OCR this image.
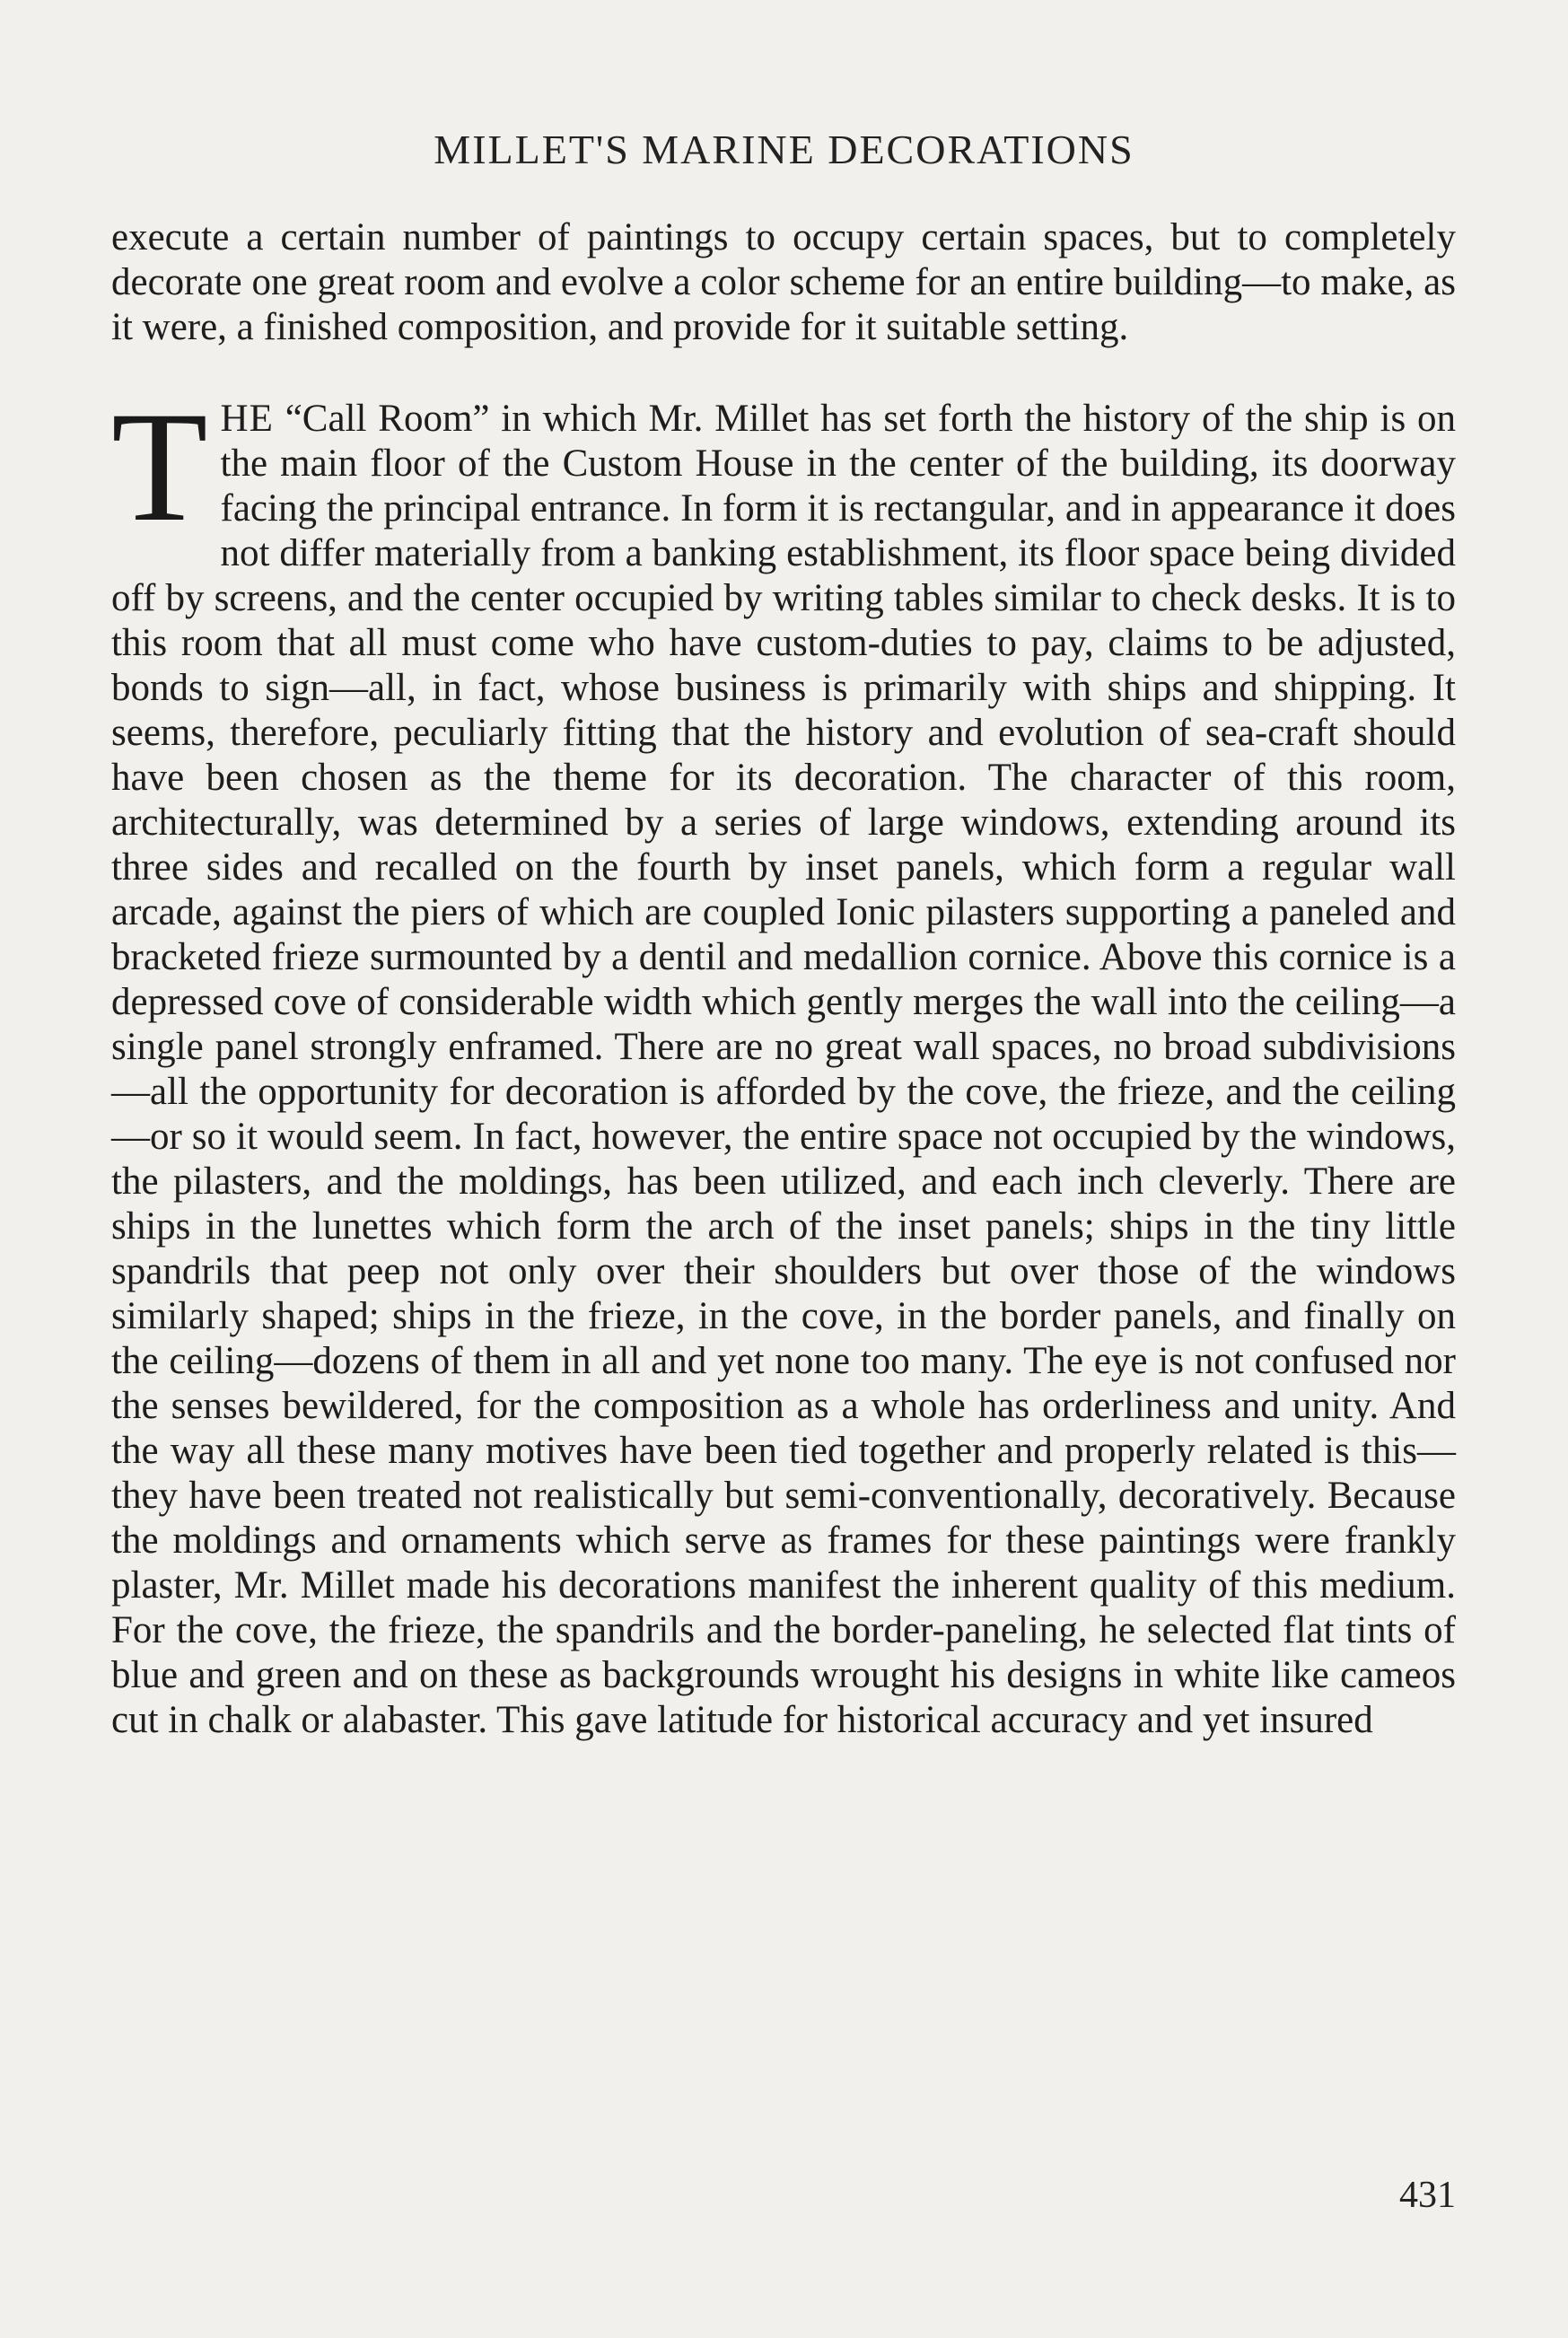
MILLET'S MARINE DECORATIONS

execute a certain number of paintings to occupy certain spaces, but to completely decorate one great room and evolve a color scheme for an entire building—to make, as it were, a finished composition, and provide for it suitable setting.

THE “Call Room” in which Mr. Millet has set forth the history of the ship is on the main floor of the Custom House in the center of the building, its doorway facing the principal entrance. In form it is rectangular, and in appearance it does not differ materially from a banking establishment, its floor space being divided off by screens, and the center occupied by writing tables similar to check desks. It is to this room that all must come who have custom-duties to pay, claims to be adjusted, bonds to sign—all, in fact, whose business is primarily with ships and shipping. It seems, therefore, peculiarly fitting that the history and evolution of sea-craft should have been chosen as the theme for its decoration. The character of this room, architecturally, was determined by a series of large windows, extending around its three sides and recalled on the fourth by inset panels, which form a regular wall arcade, against the piers of which are coupled Ionic pilasters supporting a paneled and bracketed frieze surmounted by a dentil and medallion cornice. Above this cornice is a depressed cove of considerable width which gently merges the wall into the ceiling—a single panel strongly enframed. There are no great wall spaces, no broad subdivisions—all the opportunity for decoration is afforded by the cove, the frieze, and the ceiling—or so it would seem. In fact, however, the entire space not occupied by the windows, the pilasters, and the moldings, has been utilized, and each inch cleverly. There are ships in the lunettes which form the arch of the inset panels; ships in the tiny little spandrils that peep not only over their shoulders but over those of the windows similarly shaped; ships in the frieze, in the cove, in the border panels, and finally on the ceiling—dozens of them in all and yet none too many. The eye is not confused nor the senses bewildered, for the composition as a whole has orderliness and unity. And the way all these many motives have been tied together and properly related is this—they have been treated not realistically but semi-conventionally, decoratively. Because the moldings and ornaments which serve as frames for these paintings were frankly plaster, Mr. Millet made his decorations manifest the inherent quality of this medium. For the cove, the frieze, the spandrils and the border-paneling, he selected flat tints of blue and green and on these as backgrounds wrought his designs in white like cameos cut in chalk or alabaster. This gave latitude for historical accuracy and yet insured

431
